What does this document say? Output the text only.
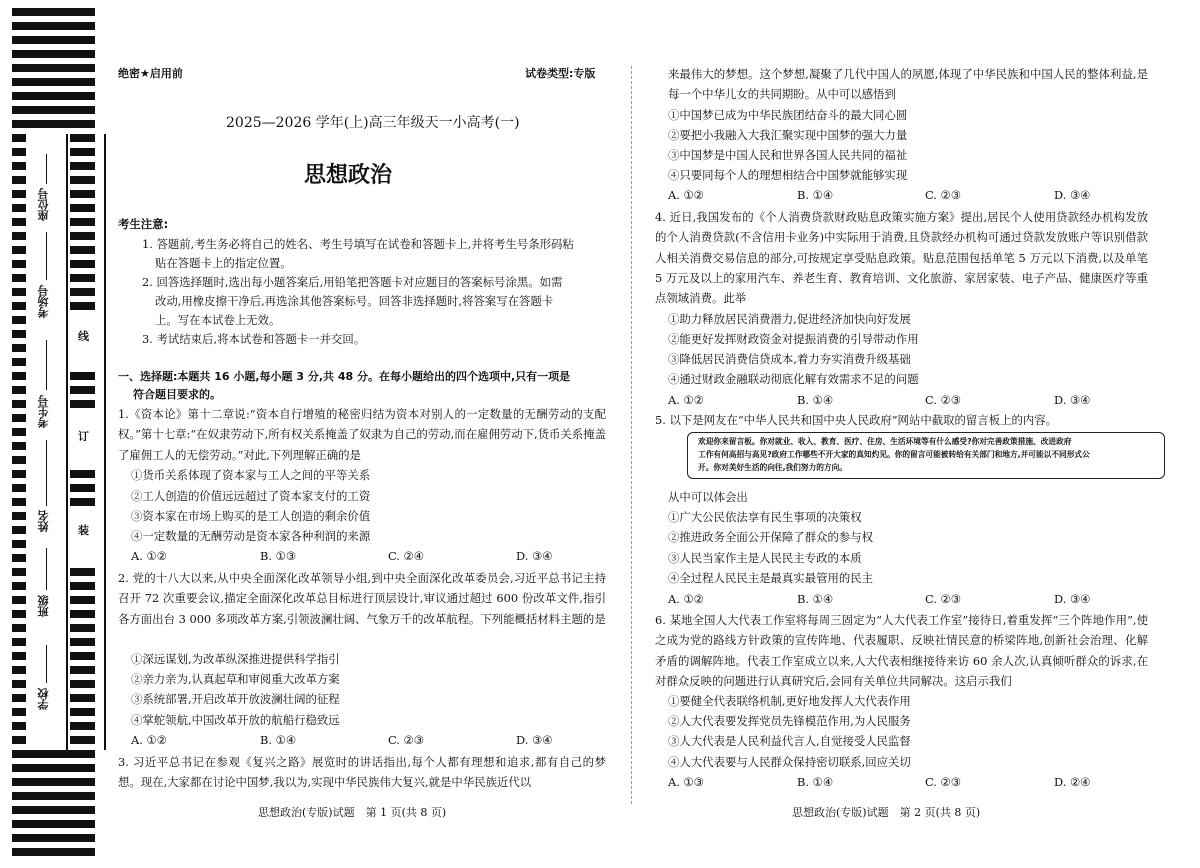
座位号
考场号
考生号
姓名
班级
学校
线
订
装
绝密★启用前	试卷类型:专版
2025—2026 学年(上)高三年级天一小高考(一)
思想政治
考生注意:
1. 答题前,考生务必将自己的姓名、考生号填写在试卷和答题卡上,并将考生号条形码粘
贴在答题卡上的指定位置。
2. 回答选择题时,选出每小题答案后,用铅笔把答题卡对应题目的答案标号涂黑。如需
改动,用橡皮擦干净后,再选涂其他答案标号。回答非选择题时,将答案写在答题卡
上。写在本试卷上无效。
3. 考试结束后,将本试卷和答题卡一并交回。
一、选择题:本题共 16 小题,每小题 3 分,共 48 分。在每小题给出的四个选项中,只有一项是
符合题目要求的。
1.《资本论》第十二章说:“资本自行增殖的秘密归结为资本对别人的一定数量的无酬劳动的支配权。”第十七章:“在奴隶劳动下,所有权关系掩盖了奴隶为自己的劳动,而在雇佣劳动下,货币关系掩盖了雇佣工人的无偿劳动。”对此,下列理解正确的是
①货币关系体现了资本家与工人之间的平等关系
②工人创造的价值远远超过了资本家支付的工资
③资本家在市场上购买的是工人创造的剩余价值
④一定数量的无酬劳动是资本家各种利润的来源
A. ①②	B. ①③	C. ②④	D. ③④
2. 党的十八大以来,从中央全面深化改革领导小组,到中央全面深化改革委员会,习近平总书记主持召开 72 次重要会议,描定全面深化改革总目标进行顶层设计,审议通过超过 600 份改革文件,指引各方面出台 3 000 多项改革方案,引领波澜壮阔、气象万千的改革航程。下列能概括材料主题的是
①深远谋划,为改革纵深推进提供科学指引
②亲力亲为,认真起草和审阅重大改革方案
③系统部署,开启改革开放波澜壮阔的征程
④掌舵领航,中国改革开放的航船行稳致远
A. ①②	B. ①④	C. ②③	D. ③④
3. 习近平总书记在参观《复兴之路》展览时的讲话指出,每个人都有理想和追求,都有自己的梦想。现在,大家都在讨论中国梦,我以为,实现中华民族伟大复兴,就是中华民族近代以
思想政治(专版)试题　第 1 页(共 8 页)
来最伟大的梦想。这个梦想,凝聚了几代中国人的夙愿,体现了中华民族和中国人民的整体利益,是每一个中华儿女的共同期盼。从中可以感悟到
①中国梦已成为中华民族团结奋斗的最大同心圆
②要把小我融入大我汇聚实现中国梦的强大力量
③中国梦是中国人民和世界各国人民共同的福祉
④只要同每个人的理想相结合中国梦就能够实现
A. ①②	B. ①④	C. ②③	D. ③④
4. 近日,我国发布的《个人消费贷款财政贴息政策实施方案》提出,居民个人使用贷款经办机构发放的个人消费贷款(不含信用卡业务)中实际用于消费,且贷款经办机构可通过贷款发放账户等识别借款人相关消费交易信息的部分,可按规定享受贴息政策。贴息范围包括单笔 5 万元以下消费,以及单笔 5 万元及以上的家用汽车、养老生育、教育培训、文化旅游、家居家装、电子产品、健康医疗等重点领域消费。此举
①助力释放居民消费潜力,促进经济加快向好发展
②能更好发挥财政资金对提振消费的引导带动作用
③降低居民消费信贷成本,着力夯实消费升级基础
④通过财政金融联动彻底化解有效需求不足的问题
A. ①②	B. ①④	C. ②③	D. ③④
5. 以下是网友在“中华人民共和国中央人民政府”网站中截取的留言板上的内容。
欢迎你来留言板。你对就业、收入、教育、医疗、住房、生活环境等有什么感受?你对完善政策措施、改进政府
工作有何高招与高见?政府工作哪些不开大家的真知灼见。你的留言可能被转给有关部门和地方,并可能以不同形式公
开。你对美好生活的向往,我们努力的方向。
从中可以体会出
①广大公民依法享有民生事项的决策权
②推进政务全面公开保障了群众的参与权
③人民当家作主是人民民主专政的本质
④全过程人民民主是最真实最管用的民主
A. ①②	B. ①④	C. ②③	D. ③④
6. 某地全国人大代表工作室将每周三固定为“人大代表工作室”接待日,着重发挥“三个阵地作用”,使之成为党的路线方针政策的宣传阵地、代表履职、反映社情民意的桥梁阵地,创新社会治理、化解矛盾的调解阵地。代表工作室成立以来,人大代表相继接待来访 60 余人次,认真倾听群众的诉求,在对群众反映的问题进行认真研究后,会同有关单位共同解决。这启示我们
①要健全代表联络机制,更好地发挥人大代表作用
②人大代表要发挥党员先锋模范作用,为人民服务
③人大代表是人民利益代言人,自觉接受人民监督
④人大代表要与人民群众保持密切联系,回应关切
A. ①③	B. ①④	C. ②③	D. ②④
思想政治(专版)试题　第 2 页(共 8 页)
